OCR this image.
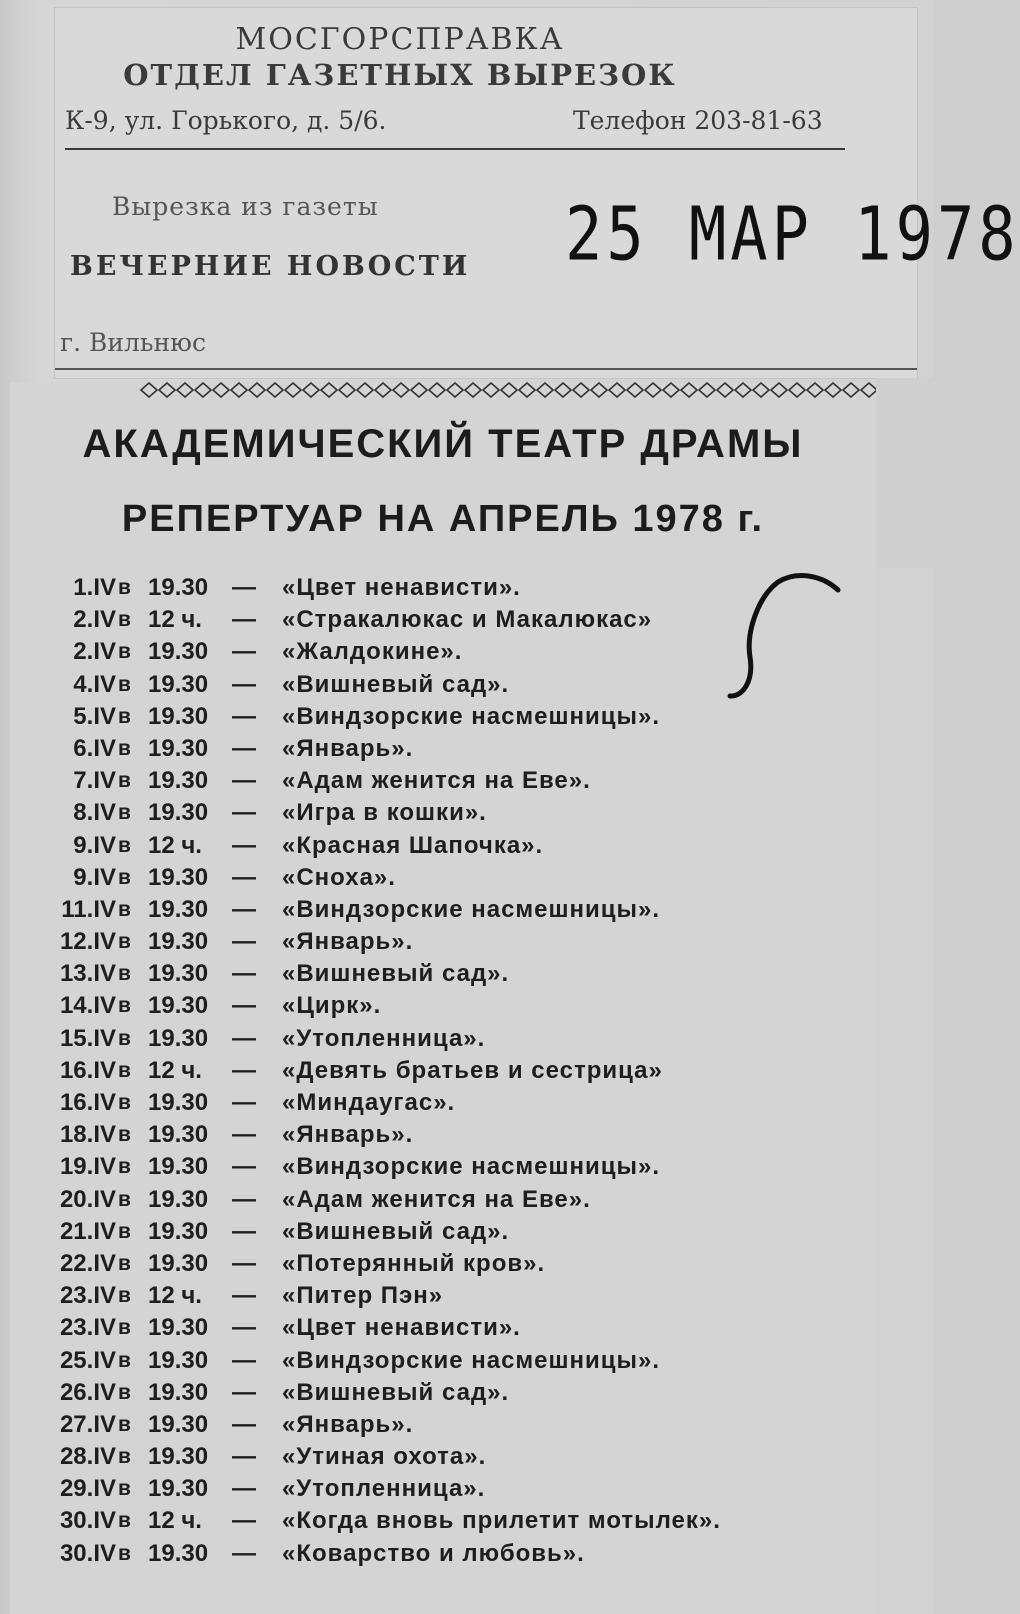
МОСГОРСПРАВКА
ОТДЕЛ ГАЗЕТНЫХ ВЫРЕЗОК
К-9, ул. Горького, д. 5/6.	Телефон 203-81-63
Вырезка из газеты
ВЕЧЕРНИЕ НОВОСТИ 25 МАР 1978
г. Вильнюс
АКАДЕМИЧЕСКИЙ ТЕАТР ДРАМЫ
РЕПЕРТУАР НА АПРЕЛЬ 1978 г.
1.IV в 19.30 — «Цвет ненависти».
2.IV в 12 ч. — «Стракалюкас и Макалюкас»
2.IV в 19.30 — «Жалдокине».
4.IV в 19.30 — «Вишневый сад».
5.IV в 19.30 — «Виндзорские насмешницы».
6.IV в 19.30 — «Январь».
7.IV в 19.30 — «Адам женится на Еве».
8.IV в 19.30 — «Игра в кошки».
9.IV в 12 ч. — «Красная Шапочка».
9.IV в 19.30 — «Сноха».
11.IV в 19.30 — «Виндзорские насмешницы».
12.IV в 19.30 — «Январь».
13.IV в 19.30 — «Вишневый сад».
14.IV в 19.30 — «Цирк».
15.IV в 19.30 — «Утопленница».
16.IV в 12 ч. — «Девять братьев и сестрица»
16.IV в 19.30 — «Миндаугас».
18.IV в 19.30 — «Январь».
19.IV в 19.30 — «Виндзорские насмешницы».
20.IV в 19.30 — «Адам женится на Еве».
21.IV в 19.30 — «Вишневый сад».
22.IV в 19.30 — «Потерянный кров».
23.IV в 12 ч. — «Питер Пэн»
23.IV в 19.30 — «Цвет ненависти».
25.IV в 19.30 — «Виндзорские насмешницы».
26.IV в 19.30 — «Вишневый сад».
27.IV в 19.30 — «Январь».
28.IV в 19.30 — «Утиная охота».
29.IV в 19.30 — «Утопленница».
30.IV в 12 ч. — «Когда вновь прилетит мотылек».
30.IV в 19.30 — «Коварство и любовь».
